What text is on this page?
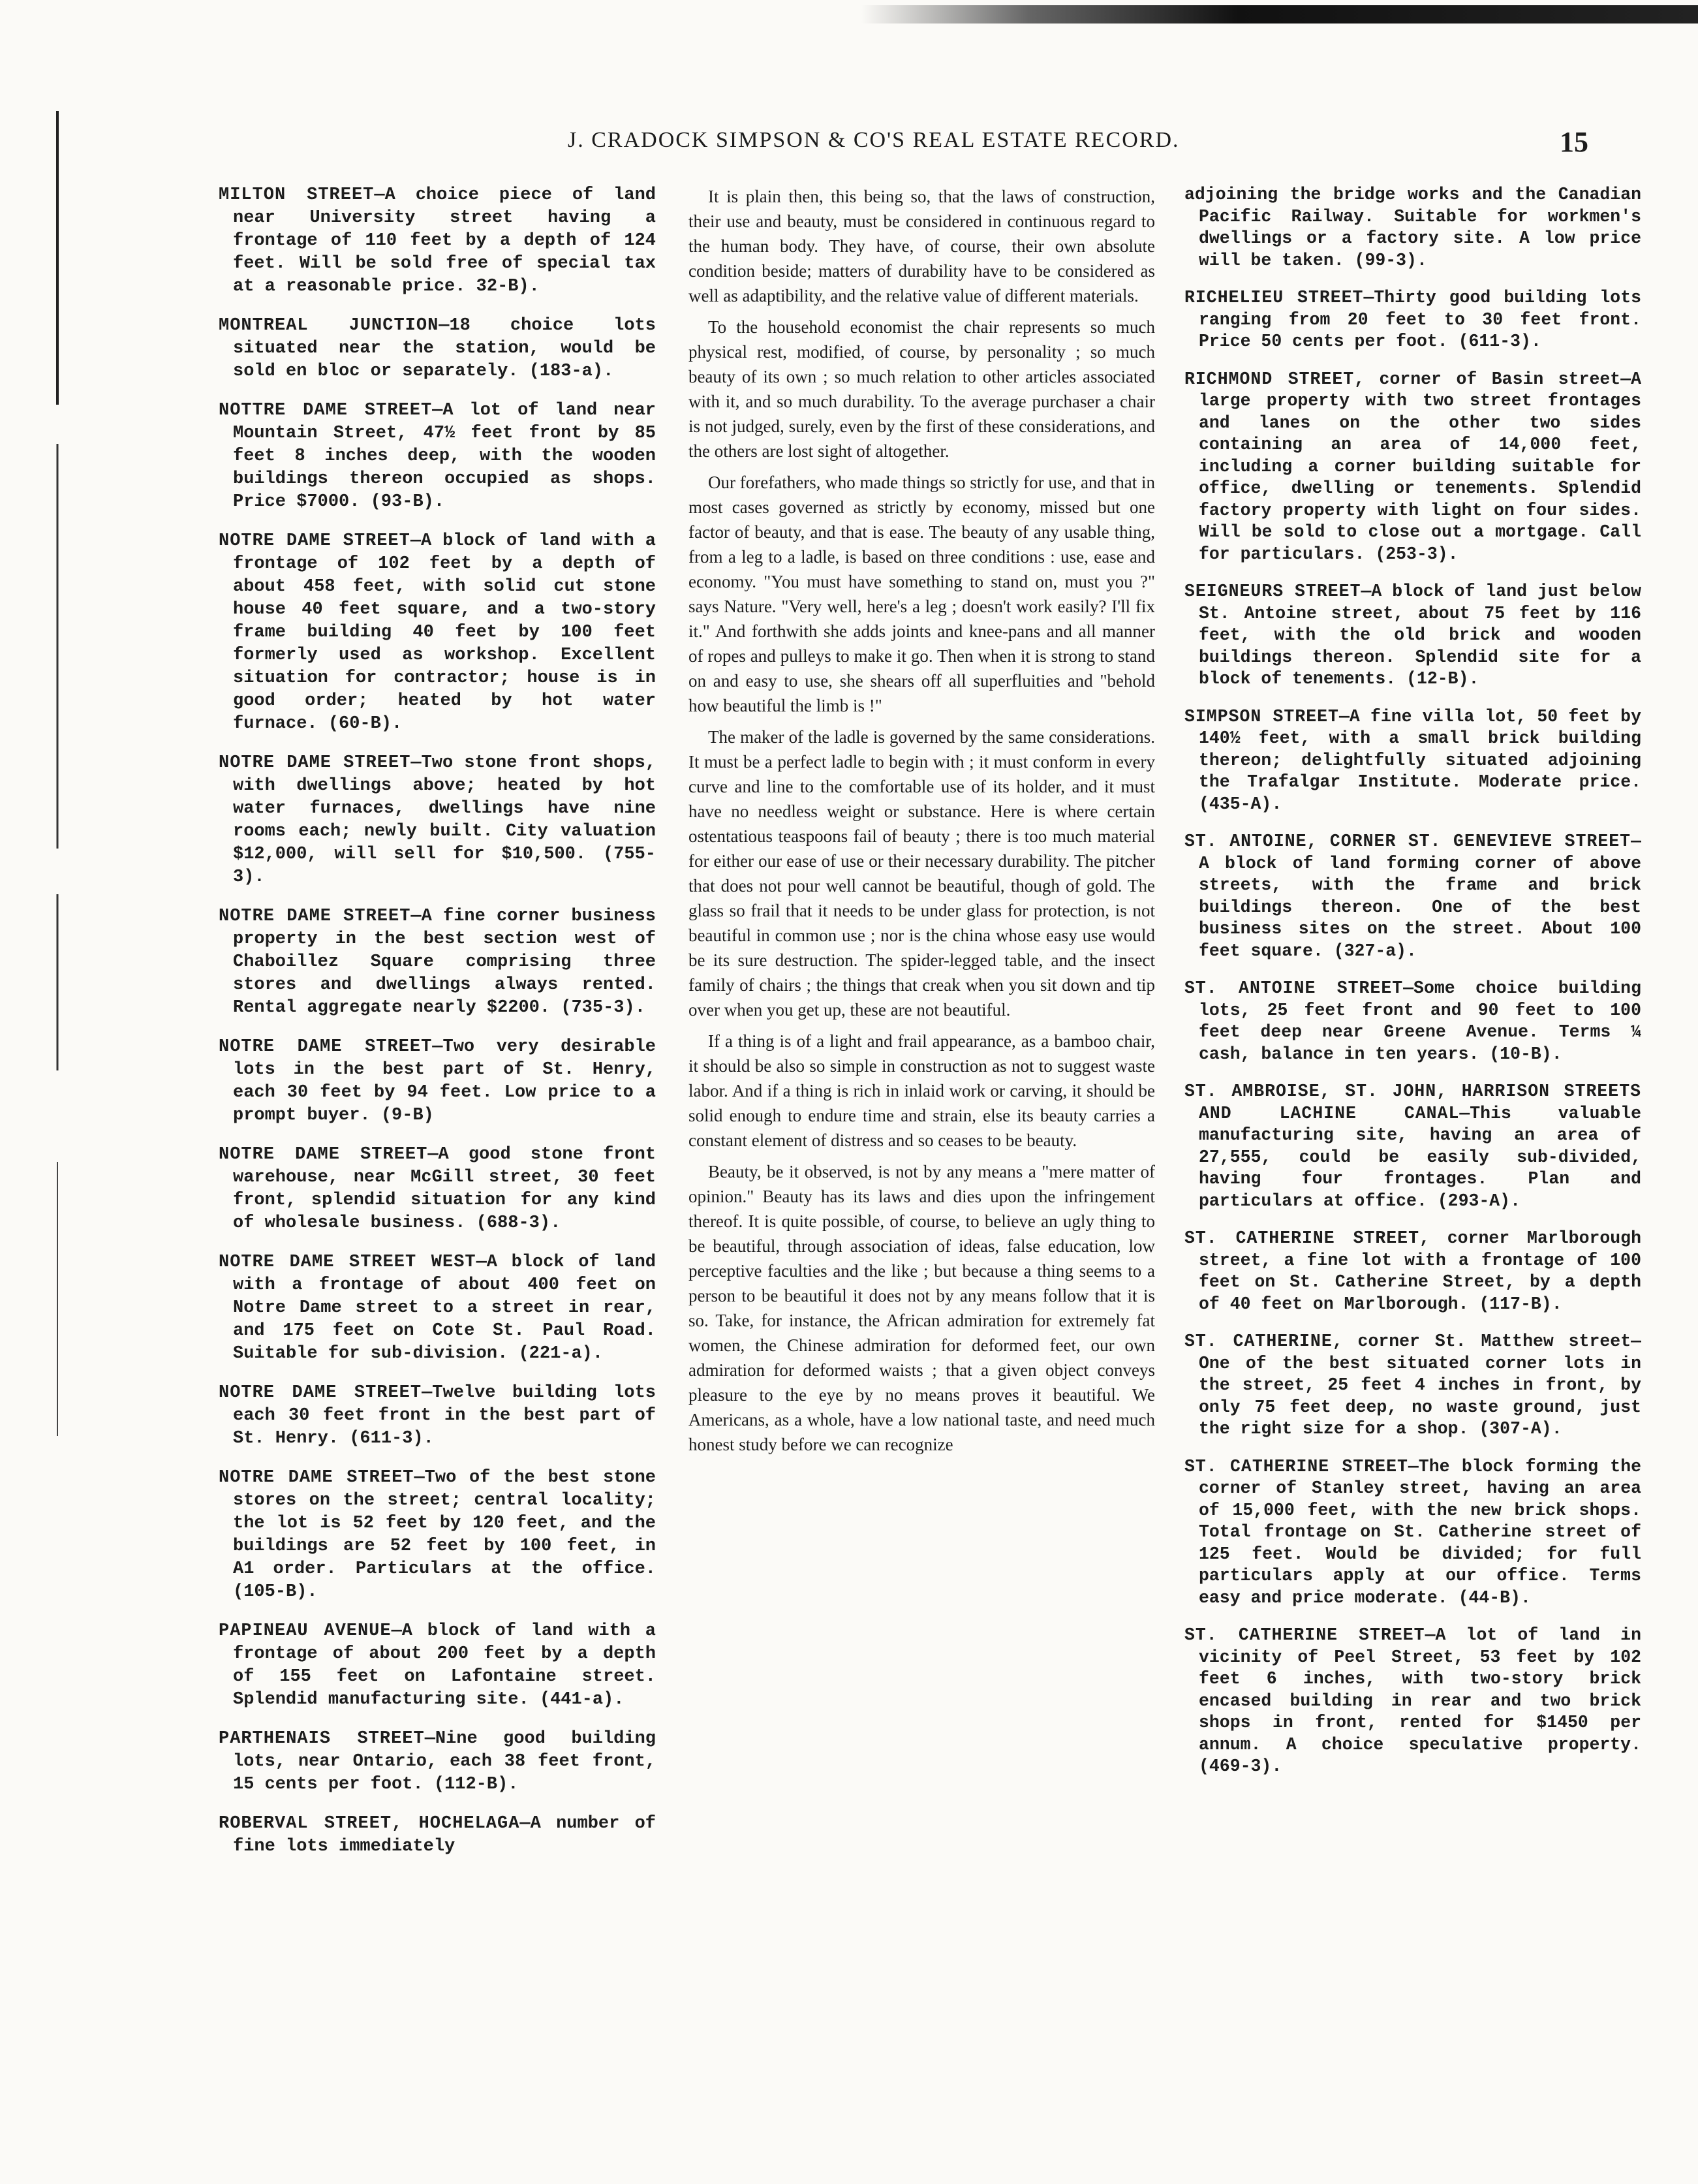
J. CRADOCK SIMPSON & CO'S REAL ESTATE RECORD.	15

MILTON STREET—A choice piece of land near University street having a frontage of 110 feet by a depth of 124 feet. Will be sold free of special tax at a reasonable price. 32-B).

MONTREAL JUNCTION—18 choice lots situated near the station, would be sold en bloc or separately. (183-a).

NOTTRE DAME STREET—A lot of land near Mountain Street, 47½ feet front by 85 feet 8 inches deep, with the wooden buildings thereon occupied as shops. Price $7000. (93-B).

NOTRE DAME STREET—A block of land with a frontage of 102 feet by a depth of about 458 feet, with solid cut stone house 40 feet square, and a two-story frame building 40 feet by 100 feet formerly used as workshop. Excellent situation for contractor; house is in good order; heated by hot water furnace. (60-B).

NOTRE DAME STREET—Two stone front shops, with dwellings above; heated by hot water furnaces, dwellings have nine rooms each; newly built. City valuation $12,000, will sell for $10,500. (755-3).

NOTRE DAME STREET—A fine corner business property in the best section west of Chaboillez Square comprising three stores and dwellings always rented. Rental aggregate nearly $2200. (735-3).

NOTRE DAME STREET—Two very desirable lots in the best part of St. Henry, each 30 feet by 94 feet. Low price to a prompt buyer. (9-B)

NOTRE DAME STREET—A good stone front warehouse, near McGill street, 30 feet front, splendid situation for any kind of wholesale business. (688-3).

NOTRE DAME STREET WEST—A block of land with a frontage of about 400 feet on Notre Dame street to a street in rear, and 175 feet on Cote St. Paul Road. Suitable for sub-division. (221-a).

NOTRE DAME STREET—Twelve building lots each 30 feet front in the best part of St. Henry. (611-3).

NOTRE DAME STREET—Two of the best stone stores on the street; central locality; the lot is 52 feet by 120 feet, and the buildings are 52 feet by 100 feet, in A1 order. Particulars at the office. (105-B).

PAPINEAU AVENUE—A block of land with a frontage of about 200 feet by a depth of 155 feet on Lafontaine street. Splendid manufacturing site. (441-a).

PARTHENAIS STREET—Nine good building lots, near Ontario, each 38 feet front, 15 cents per foot. (112-B).

ROBERVAL STREET, HOCHELAGA—A number of fine lots immediately

It is plain then, this being so, that the laws of construction, their use and beauty, must be considered in continuous regard to the human body. They have, of course, their own absolute condition beside; matters of durability have to be considered as well as adaptibility, and the relative value of different materials.

To the household economist the chair represents so much physical rest, modified, of course, by personality ; so much beauty of its own ; so much relation to other articles associated with it, and so much durability. To the average purchaser a chair is not judged, surely, even by the first of these considerations, and the others are lost sight of altogether.

Our forefathers, who made things so strictly for use, and that in most cases governed as strictly by economy, missed but one factor of beauty, and that is ease. The beauty of any usable thing, from a leg to a ladle, is based on three conditions : use, ease and economy. "You must have something to stand on, must you ?" says Nature. "Very well, here's a leg ; doesn't work easily? I'll fix it." And forthwith she adds joints and knee-pans and all manner of ropes and pulleys to make it go. Then when it is strong to stand on and easy to use, she shears off all superfluities and "behold how beautiful the limb is !"

The maker of the ladle is governed by the same considerations. It must be a perfect ladle to begin with ; it must conform in every curve and line to the comfortable use of its holder, and it must have no needless weight or substance. Here is where certain ostentatious teaspoons fail of beauty ; there is too much material for either our ease of use or their necessary durability. The pitcher that does not pour well cannot be beautiful, though of gold. The glass so frail that it needs to be under glass for protection, is not beautiful in common use ; nor is the china whose easy use would be its sure destruction. The spider-legged table, and the insect family of chairs ; the things that creak when you sit down and tip over when you get up, these are not beautiful.

If a thing is of a light and frail appearance, as a bamboo chair, it should be also so simple in construction as not to suggest waste labor. And if a thing is rich in inlaid work or carving, it should be solid enough to endure time and strain, else its beauty carries a constant element of distress and so ceases to be beauty.

Beauty, be it observed, is not by any means a "mere matter of opinion." Beauty has its laws and dies upon the infringement thereof. It is quite possible, of course, to believe an ugly thing to be beautiful, through association of ideas, false education, low perceptive faculties and the like ; but because a thing seems to a person to be beautiful it does not by any means follow that it is so. Take, for instance, the African admiration for extremely fat women, the Chinese admiration for deformed feet, our own admiration for deformed waists ; that a given object conveys pleasure to the eye by no means proves it beautiful. We Americans, as a whole, have a low national taste, and need much honest study before we can recognize

adjoining the bridge works and the Canadian Pacific Railway. Suitable for workmen's dwellings or a factory site. A low price will be taken. (99-3).

RICHELIEU STREET—Thirty good building lots ranging from 20 feet to 30 feet front. Price 50 cents per foot. (611-3).

RICHMOND STREET, corner of Basin street—A large property with two street frontages and lanes on the other two sides containing an area of 14,000 feet, including a corner building suitable for office, dwelling or tenements. Splendid factory property with light on four sides. Will be sold to close out a mortgage. Call for particulars. (253-3).

SEIGNEURS STREET—A block of land just below St. Antoine street, about 75 feet by 116 feet, with the old brick and wooden buildings thereon. Splendid site for a block of tenements. (12-B).

SIMPSON STREET—A fine villa lot, 50 feet by 140½ feet, with a small brick building thereon; delightfully situated adjoining the Trafalgar Institute. Moderate price. (435-A).

ST. ANTOINE, CORNER ST. GENEVIEVE STREET—A block of land forming corner of above streets, with the frame and brick buildings thereon. One of the best business sites on the street. About 100 feet square. (327-a).

ST. ANTOINE STREET—Some choice building lots, 25 feet front and 90 feet to 100 feet deep near Greene Avenue. Terms ¼ cash, balance in ten years. (10-B).

ST. AMBROISE, ST. JOHN, HARRISON STREETS AND LACHINE CANAL—This valuable manufacturing site, having an area of 27,555, could be easily sub-divided, having four frontages. Plan and particulars at office. (293-A).

ST. CATHERINE STREET, corner Marlborough street, a fine lot with a frontage of 100 feet on St. Catherine Street, by a depth of 40 feet on Marlborough. (117-B).

ST. CATHERINE, corner St. Matthew street—One of the best situated corner lots in the street, 25 feet 4 inches in front, by only 75 feet deep, no waste ground, just the right size for a shop. (307-A).

ST. CATHERINE STREET—The block forming the corner of Stanley street, having an area of 15,000 feet, with the new brick shops. Total frontage on St. Catherine street of 125 feet. Would be divided; for full particulars apply at our office. Terms easy and price moderate. (44-B).

ST. CATHERINE STREET—A lot of land in vicinity of Peel Street, 53 feet by 102 feet 6 inches, with two-story brick encased building in rear and two brick shops in front, rented for $1450 per annum. A choice speculative property. (469-3).
